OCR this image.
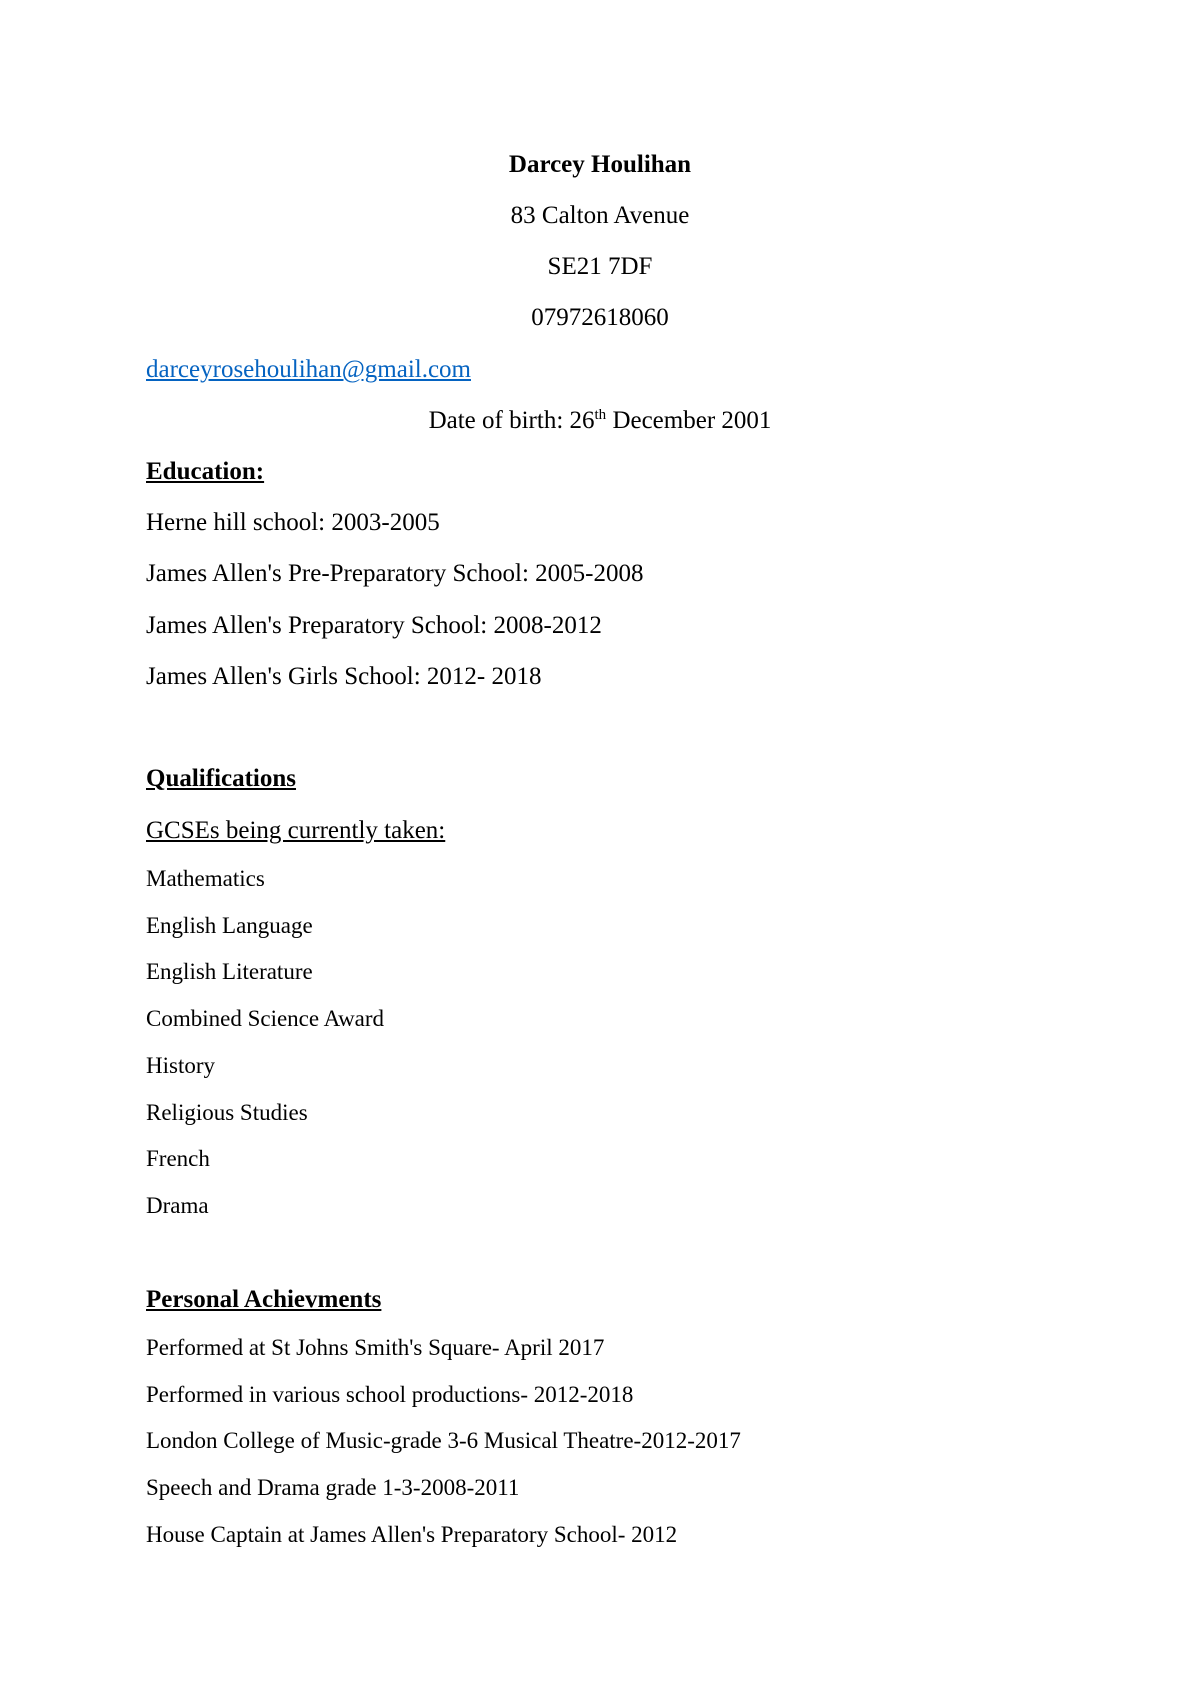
Darcey Houlihan
83 Calton Avenue
SE21 7DF
07972618060
darceyrosehoulihan@gmail.com
Date of birth: 26th December 2001
Education:
Herne hill school: 2003-2005
James Allen's Pre-Preparatory School: 2005-2008
James Allen's Preparatory School: 2008-2012
James Allen's Girls School: 2012- 2018
Qualifications
GCSEs being currently taken:
Mathematics
English Language
English Literature
Combined Science Award
History
Religious Studies
French
Drama
Personal Achievments
Performed at St Johns Smith's Square- April 2017
Performed in various school productions- 2012-2018
London College of Music-grade 3-6 Musical Theatre-2012-2017
Speech and Drama grade 1-3-2008-2011
House Captain at James Allen's Preparatory School- 2012
